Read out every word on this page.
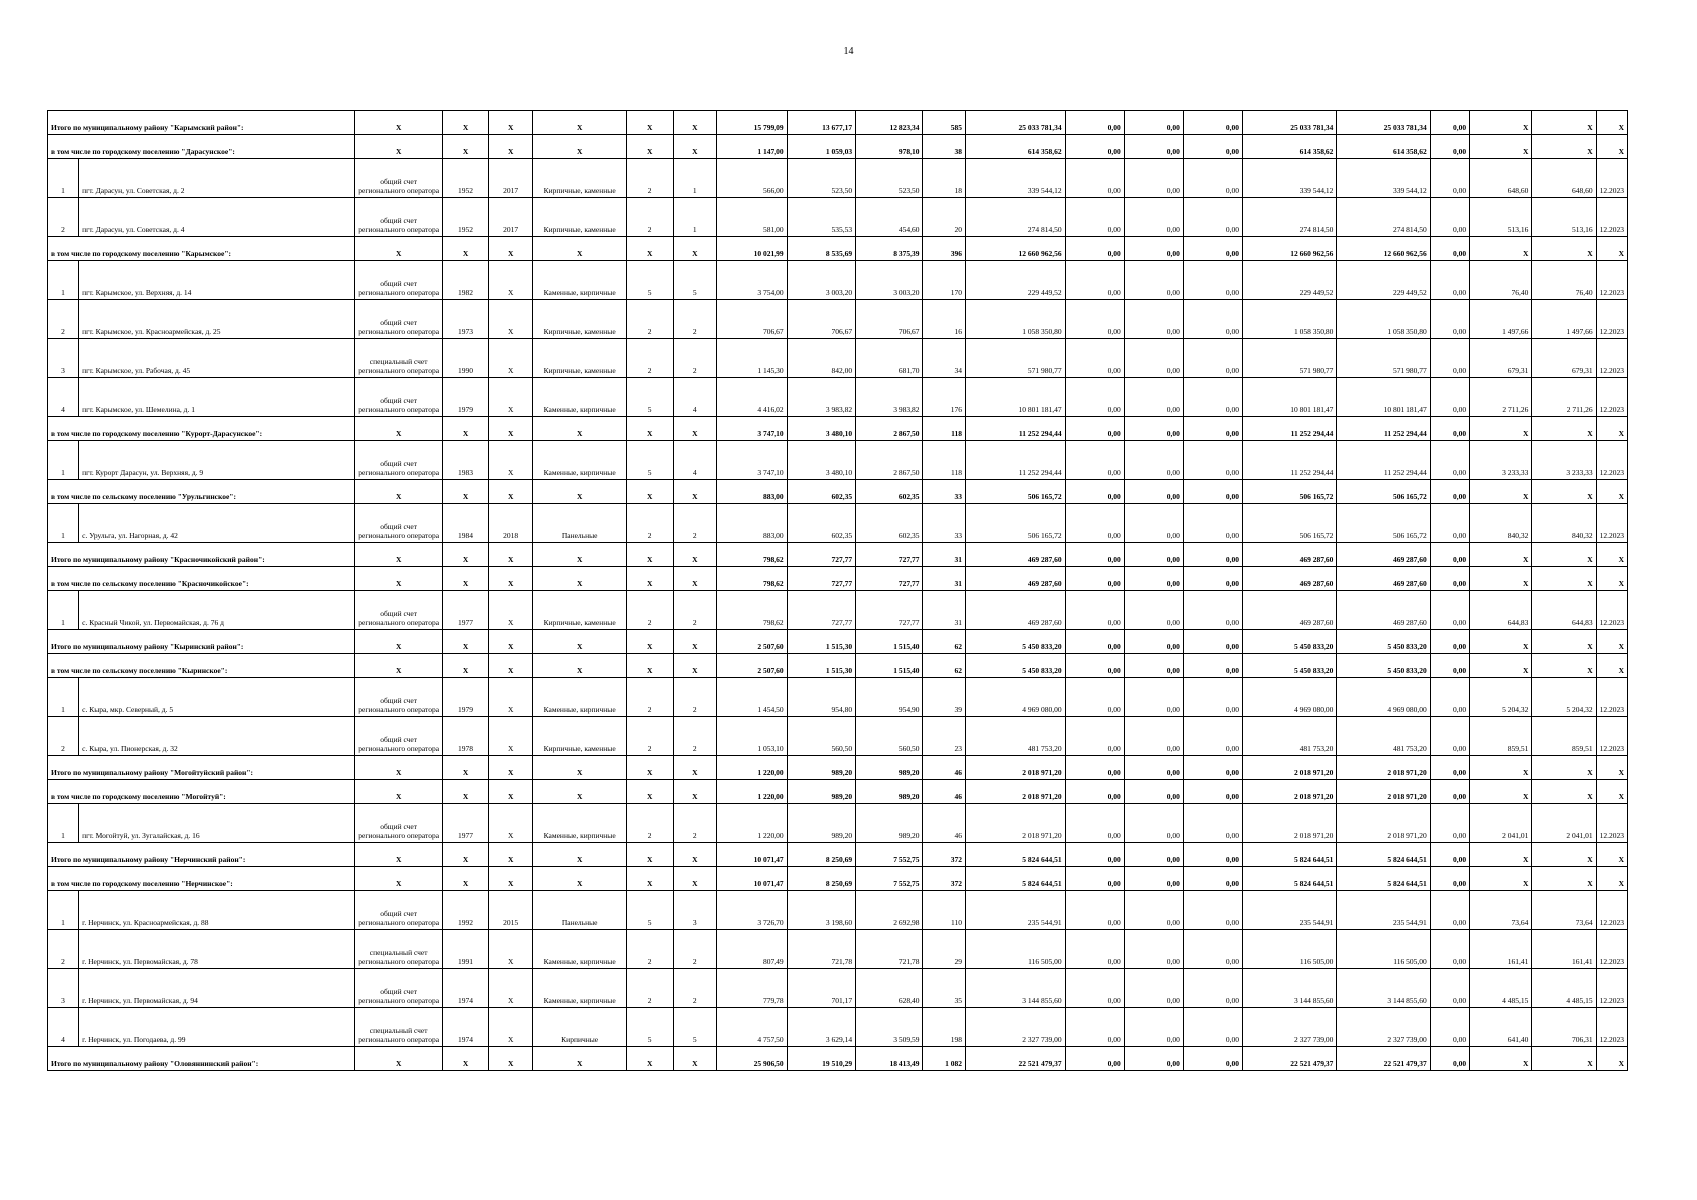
14
Итого по муниципальному району "Карымский район":		X	X	X	X	X	X	15 799,09	13 677,17	12 823,34	585	25 033 781,34	0,00	0,00	0,00	25 033 781,34	25 033 781,34	0,00	X	X	X
в том числе по городскому поселению "Дарасунское":		X	X	X	X	X	X	1 147,00	1 059,03	978,10	38	614 358,62	0,00	0,00	0,00	614 358,62	614 358,62	0,00	X	X	X
1	пгт. Дарасун, ул. Советская, д. 2	общий счет регионального оператора	1952	2017	Кирпичные, каменные	2	1	566,00	523,50	523,50	18	339 544,12	0,00	0,00	0,00	339 544,12	339 544,12	0,00	648,60	648,60	12.2023
2	пгт. Дарасун, ул. Советская, д. 4	общий счет регионального оператора	1952	2017	Кирпичные, каменные	2	1	581,00	535,53	454,60	20	274 814,50	0,00	0,00	0,00	274 814,50	274 814,50	0,00	513,16	513,16	12.2023
в том числе по городскому поселению "Карымское":		X	X	X	X	X	X	10 021,99	8 535,69	8 375,39	396	12 660 962,56	0,00	0,00	0,00	12 660 962,56	12 660 962,56	0,00	X	X	X
1	пгт. Карымское, ул. Верхняя, д. 14	общий счет регионального оператора	1982	X	Каменные, кирпичные	5	5	3 754,00	3 003,20	3 003,20	170	229 449,52	0,00	0,00	0,00	229 449,52	229 449,52	0,00	76,40	76,40	12.2023
2	пгт. Карымское, ул. Красноармейская, д. 25	общий счет регионального оператора	1973	X	Кирпичные, каменные	2	2	706,67	706,67	706,67	16	1 058 350,80	0,00	0,00	0,00	1 058 350,80	1 058 350,80	0,00	1 497,66	1 497,66	12.2023
3	пгт. Карымское, ул. Рабочая, д. 45	специальный счет регионального оператора	1990	X	Кирпичные, каменные	2	2	1 145,30	842,00	681,70	34	571 980,77	0,00	0,00	0,00	571 980,77	571 980,77	0,00	679,31	679,31	12.2023
4	пгт. Карымское, ул. Шемелина, д. 1	общий счет регионального оператора	1979	X	Каменные, кирпичные	5	4	4 416,02	3 983,82	3 983,82	176	10 801 181,47	0,00	0,00	0,00	10 801 181,47	10 801 181,47	0,00	2 711,26	2 711,26	12.2023
в том числе по городскому поселению "Курорт-Дарасунское":		X	X	X	X	X	X	3 747,10	3 480,10	2 867,50	118	11 252 294,44	0,00	0,00	0,00	11 252 294,44	11 252 294,44	0,00	X	X	X
1	пгт. Курорт Дарасун, ул. Верхняя, д. 9	общий счет регионального оператора	1983	X	Каменные, кирпичные	5	4	3 747,10	3 480,10	2 867,50	118	11 252 294,44	0,00	0,00	0,00	11 252 294,44	11 252 294,44	0,00	3 233,33	3 233,33	12.2023
в том числе по сельскому поселению "Урульгинское":		X	X	X	X	X	X	883,00	602,35	602,35	33	506 165,72	0,00	0,00	0,00	506 165,72	506 165,72	0,00	X	X	X
1	с. Урульга, ул. Нагорная, д. 42	общий счет регионального оператора	1984	2018	Панельные	2	2	883,00	602,35	602,35	33	506 165,72	0,00	0,00	0,00	506 165,72	506 165,72	0,00	840,32	840,32	12.2023
Итого по муниципальному району "Красночикойский район":		X	X	X	X	X	X	798,62	727,77	727,77	31	469 287,60	0,00	0,00	0,00	469 287,60	469 287,60	0,00	X	X	X
в том числе по сельскому поселению "Красночикойское":		X	X	X	X	X	X	798,62	727,77	727,77	31	469 287,60	0,00	0,00	0,00	469 287,60	469 287,60	0,00	X	X	X
1	с. Красный Чикой, ул. Первомайская, д. 76 д	общий счет регионального оператора	1977	X	Кирпичные, каменные	2	2	798,62	727,77	727,77	31	469 287,60	0,00	0,00	0,00	469 287,60	469 287,60	0,00	644,83	644,83	12.2023
Итого по муниципальному району "Кыринский район":		X	X	X	X	X	X	2 507,60	1 515,30	1 515,40	62	5 450 833,20	0,00	0,00	0,00	5 450 833,20	5 450 833,20	0,00	X	X	X
в том числе по сельскому поселению "Кыринское":		X	X	X	X	X	X	2 507,60	1 515,30	1 515,40	62	5 450 833,20	0,00	0,00	0,00	5 450 833,20	5 450 833,20	0,00	X	X	X
1	с. Кыра, мкр. Северный, д. 5	общий счет регионального оператора	1979	X	Каменные, кирпичные	2	2	1 454,50	954,80	954,90	39	4 969 080,00	0,00	0,00	0,00	4 969 080,00	4 969 080,00	0,00	5 204,32	5 204,32	12.2023
2	с. Кыра, ул. Пионерская, д. 32	общий счет регионального оператора	1978	X	Кирпичные, каменные	2	2	1 053,10	560,50	560,50	23	481 753,20	0,00	0,00	0,00	481 753,20	481 753,20	0,00	859,51	859,51	12.2023
Итого по муниципальному району "Могойтуйский район":		X	X	X	X	X	X	1 220,00	989,20	989,20	46	2 018 971,20	0,00	0,00	0,00	2 018 971,20	2 018 971,20	0,00	X	X	X
в том числе по городскому поселению "Могойтуй":		X	X	X	X	X	X	1 220,00	989,20	989,20	46	2 018 971,20	0,00	0,00	0,00	2 018 971,20	2 018 971,20	0,00	X	X	X
1	пгт. Могойтуй, ул. Зугалайская, д. 16	общий счет регионального оператора	1977	X	Каменные, кирпичные	2	2	1 220,00	989,20	989,20	46	2 018 971,20	0,00	0,00	0,00	2 018 971,20	2 018 971,20	0,00	2 041,01	2 041,01	12.2023
Итого по муниципальному району "Нерчинский район":		X	X	X	X	X	X	10 071,47	8 250,69	7 552,75	372	5 824 644,51	0,00	0,00	0,00	5 824 644,51	5 824 644,51	0,00	X	X	X
в том числе по городскому поселению "Нерчинское":		X	X	X	X	X	X	10 071,47	8 250,69	7 552,75	372	5 824 644,51	0,00	0,00	0,00	5 824 644,51	5 824 644,51	0,00	X	X	X
1	г. Нерчинск, ул. Красноармейская, д. 88	общий счет регионального оператора	1992	2015	Панельные	5	3	3 726,70	3 198,60	2 692,98	110	235 544,91	0,00	0,00	0,00	235 544,91	235 544,91	0,00	73,64	73,64	12.2023
2	г. Нерчинск, ул. Первомайская, д. 78	специальный счет регионального оператора	1991	X	Каменные, кирпичные	2	2	807,49	721,78	721,78	29	116 505,00	0,00	0,00	0,00	116 505,00	116 505,00	0,00	161,41	161,41	12.2023
3	г. Нерчинск, ул. Первомайская, д. 94	общий счет регионального оператора	1974	X	Каменные, кирпичные	2	2	779,78	701,17	628,40	35	3 144 855,60	0,00	0,00	0,00	3 144 855,60	3 144 855,60	0,00	4 485,15	4 485,15	12.2023
4	г. Нерчинск, ул. Погодаева, д. 99	специальный счет регионального оператора	1974	X	Кирпичные	5	5	4 757,50	3 629,14	3 509,59	198	2 327 739,00	0,00	0,00	0,00	2 327 739,00	2 327 739,00	0,00	641,40	706,31	12.2023
Итого по муниципальному району "Оловяннинский район":		X	X	X	X	X	X	25 906,50	19 510,29	18 413,49	1 082	22 521 479,37	0,00	0,00	0,00	22 521 479,37	22 521 479,37	0,00	X	X	X
